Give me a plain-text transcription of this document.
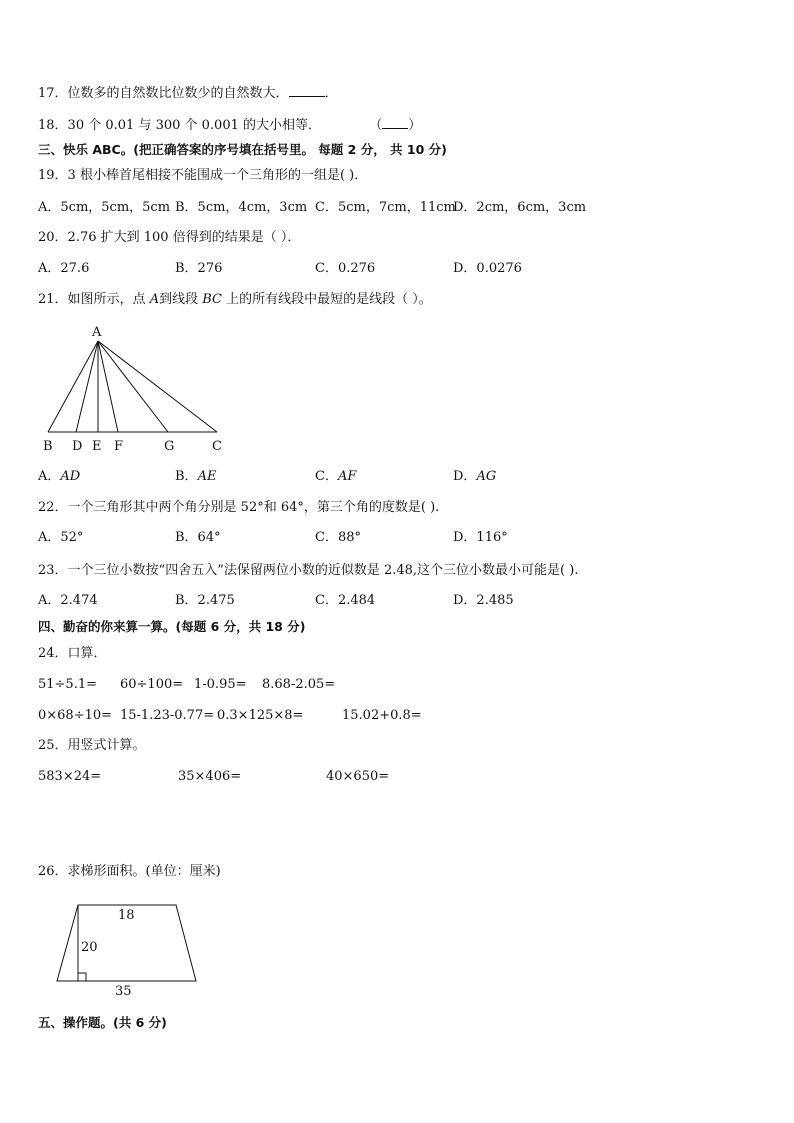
17．位数多的自然数比位数少的自然数大．	．
18．30 个 0.01 与 300 个 0.001 的大小相等．	（ ）
三、快乐 ABC。(把正确答案的序号填在括号里。 每题 2 分， 共 10 分)
19．3 根小棒首尾相接不能围成一个三角形的一组是( )．
A．5cm，5cm，5cm B．5cm，4cm，3cm C．5cm，7cm，11cm
D．2cm，6cm，3cm
20．2.76 扩大到 100 倍得到的结果是（ ）．
A．27.6	B．276	C．0.276	D．0.0276
21．如图所示，点 A到线段 BC 上的所有线段中最短的是线段（ ）。
A
B D E F	G	C
A．AD	B．AE	C．AF	D．AG
22．一个三角形其中两个角分别是 52°和 64°，第三个角的度数是( ).
A．52°	B．64°	C．88°	D．116°
23．一个三位小数按“四舍五入”法保留两位小数的近似数是 2.48,这个三位小数最小可能是( ).
A．2.474	B．2.475	C．2.484	D．2.485
四、勤奋的你来算一算。(每题 6 分，共 18 分)
24．口算．
51÷5.1= 60÷100= 1-0.95= 8.68-2.05=
0×68÷10= 15-1.23-0.77= 0.3×125×8=	15.02+0.8=
25．用竖式计算。
583×24=	35×406=	40×650=
26．求梯形面积。(单位：厘米)
18
20
35
五、操作题。(共 6 分)
